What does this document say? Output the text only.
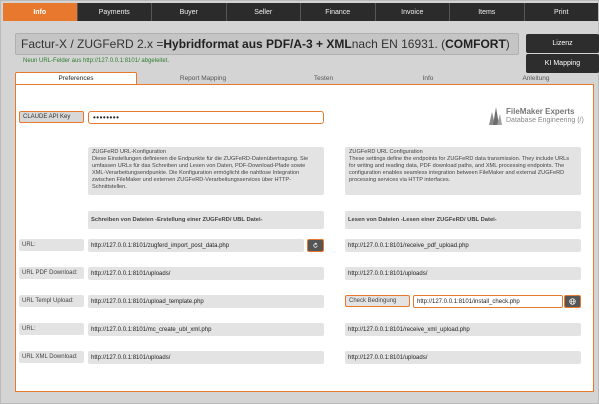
Info	Payments	Buyer	Seller	Finance	Invoice	Items	Print
Factur-X / ZUGFeRD 2.x = Hybridformat aus PDF/A-3 + XML nach EN 16931. ( COMFORT )	Lizenz
KI Mapping
Neun URL-Felder aus http://127.0.0.1:8101/ abgeleitet.
Preferences	Report Mapping	Testen	Info	Anleitung
CLAUDE API Key	••••••••
FileMaker Experts
Database Engineering (/)
ZUGFeRD URL-Konfiguration
Diese Einstellungen definieren die Endpunkte für die ZUGFeRD-Datenübertragung. Sie umfassen URLs für das Schreiben und Lesen von Daten, PDF-Download-Pfade sowie XML-Verarbeitungsendpunkte. Die Konfiguration ermöglicht die nahtlose Integration zwischen FileMaker und externen ZUGFeRD-Verarbeitungsservices über HTTP-Schnittstellen.
ZUGFeRD URL Configuration
These settings define the endpoints for ZUGFeRD data transmission. They include URLs for writing and reading data, PDF download paths, and XML processing endpoints. The configuration enables seamless integration between FileMaker and external ZUGFeRD processing services via HTTP interfaces.
Schreiben von Dateien -Erstellung einer ZUGFeRD/ UBL Datei-	Lesen von Dateien -Lesen einer ZUGFeRD/ UBL Datei-
URL:	http://127.0.0.1:8101/zugferd_import_post_data.php	http://127.0.0.1:8101/receive_pdf_upload.php
URL PDF Download:	http://127.0.0.1:8101/uploads/	http://127.0.0.1:8101/uploads/
URL Templ Upload:	http://127.0.0.1:8101/upload_template.php	Check Bedingung	http://127.0.0.1:8101/install_check.php
URL:	http://127.0.0.1:8101/mc_create_ubl_xml.php	http://127.0.0.1:8101/receive_xml_upload.php
URL XML Download:	http://127.0.0.1:8101/uploads/	http://127.0.0.1:8101/uploads/
